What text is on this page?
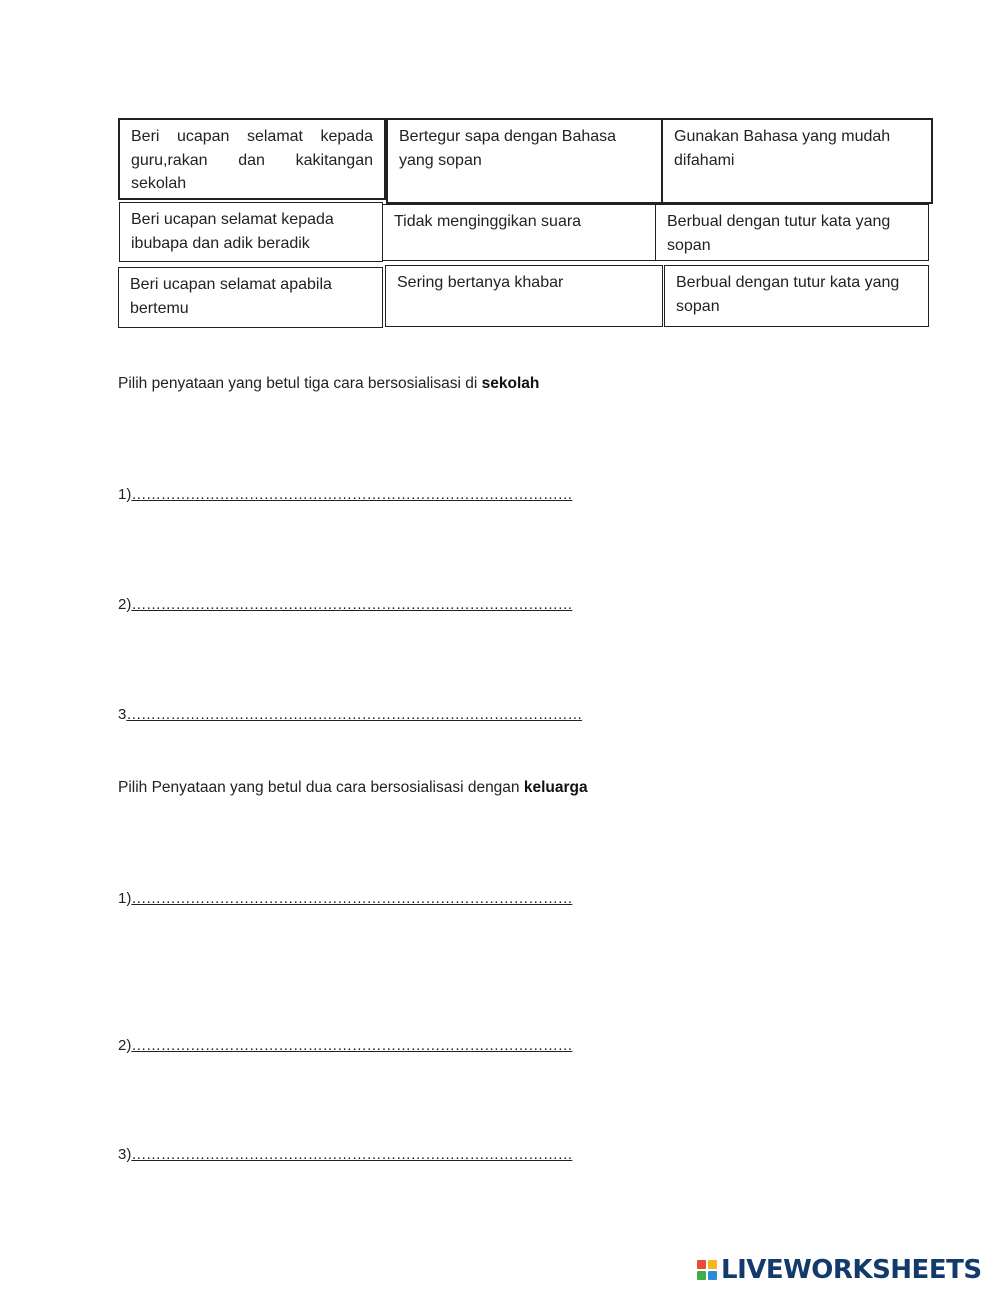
Beri ucapan selamat kepada guru,rakan dan kakitangan sekolah
Bertegur sapa dengan Bahasa yang sopan
Gunakan Bahasa yang mudah difahami
Beri ucapan selamat kepada ibubapa dan adik beradik
Tidak menginggikan suara	Berbual dengan tutur kata yang sopan
Beri ucapan selamat apabila bertemu
Sering bertanya khabar	Berbual dengan tutur kata yang sopan
Pilih penyataan yang betul tiga cara bersosialisasi di sekolah
1)………………………………………………………………………………
2)………………………………………………………………………………
3…………………………………………………………………………………
Pilih Penyataan yang betul dua cara bersosialisasi dengan keluarga
1)………………………………………………………………………………
2)………………………………………………………………………………
3)………………………………………………………………………………
LIVEWORKSHEETS
